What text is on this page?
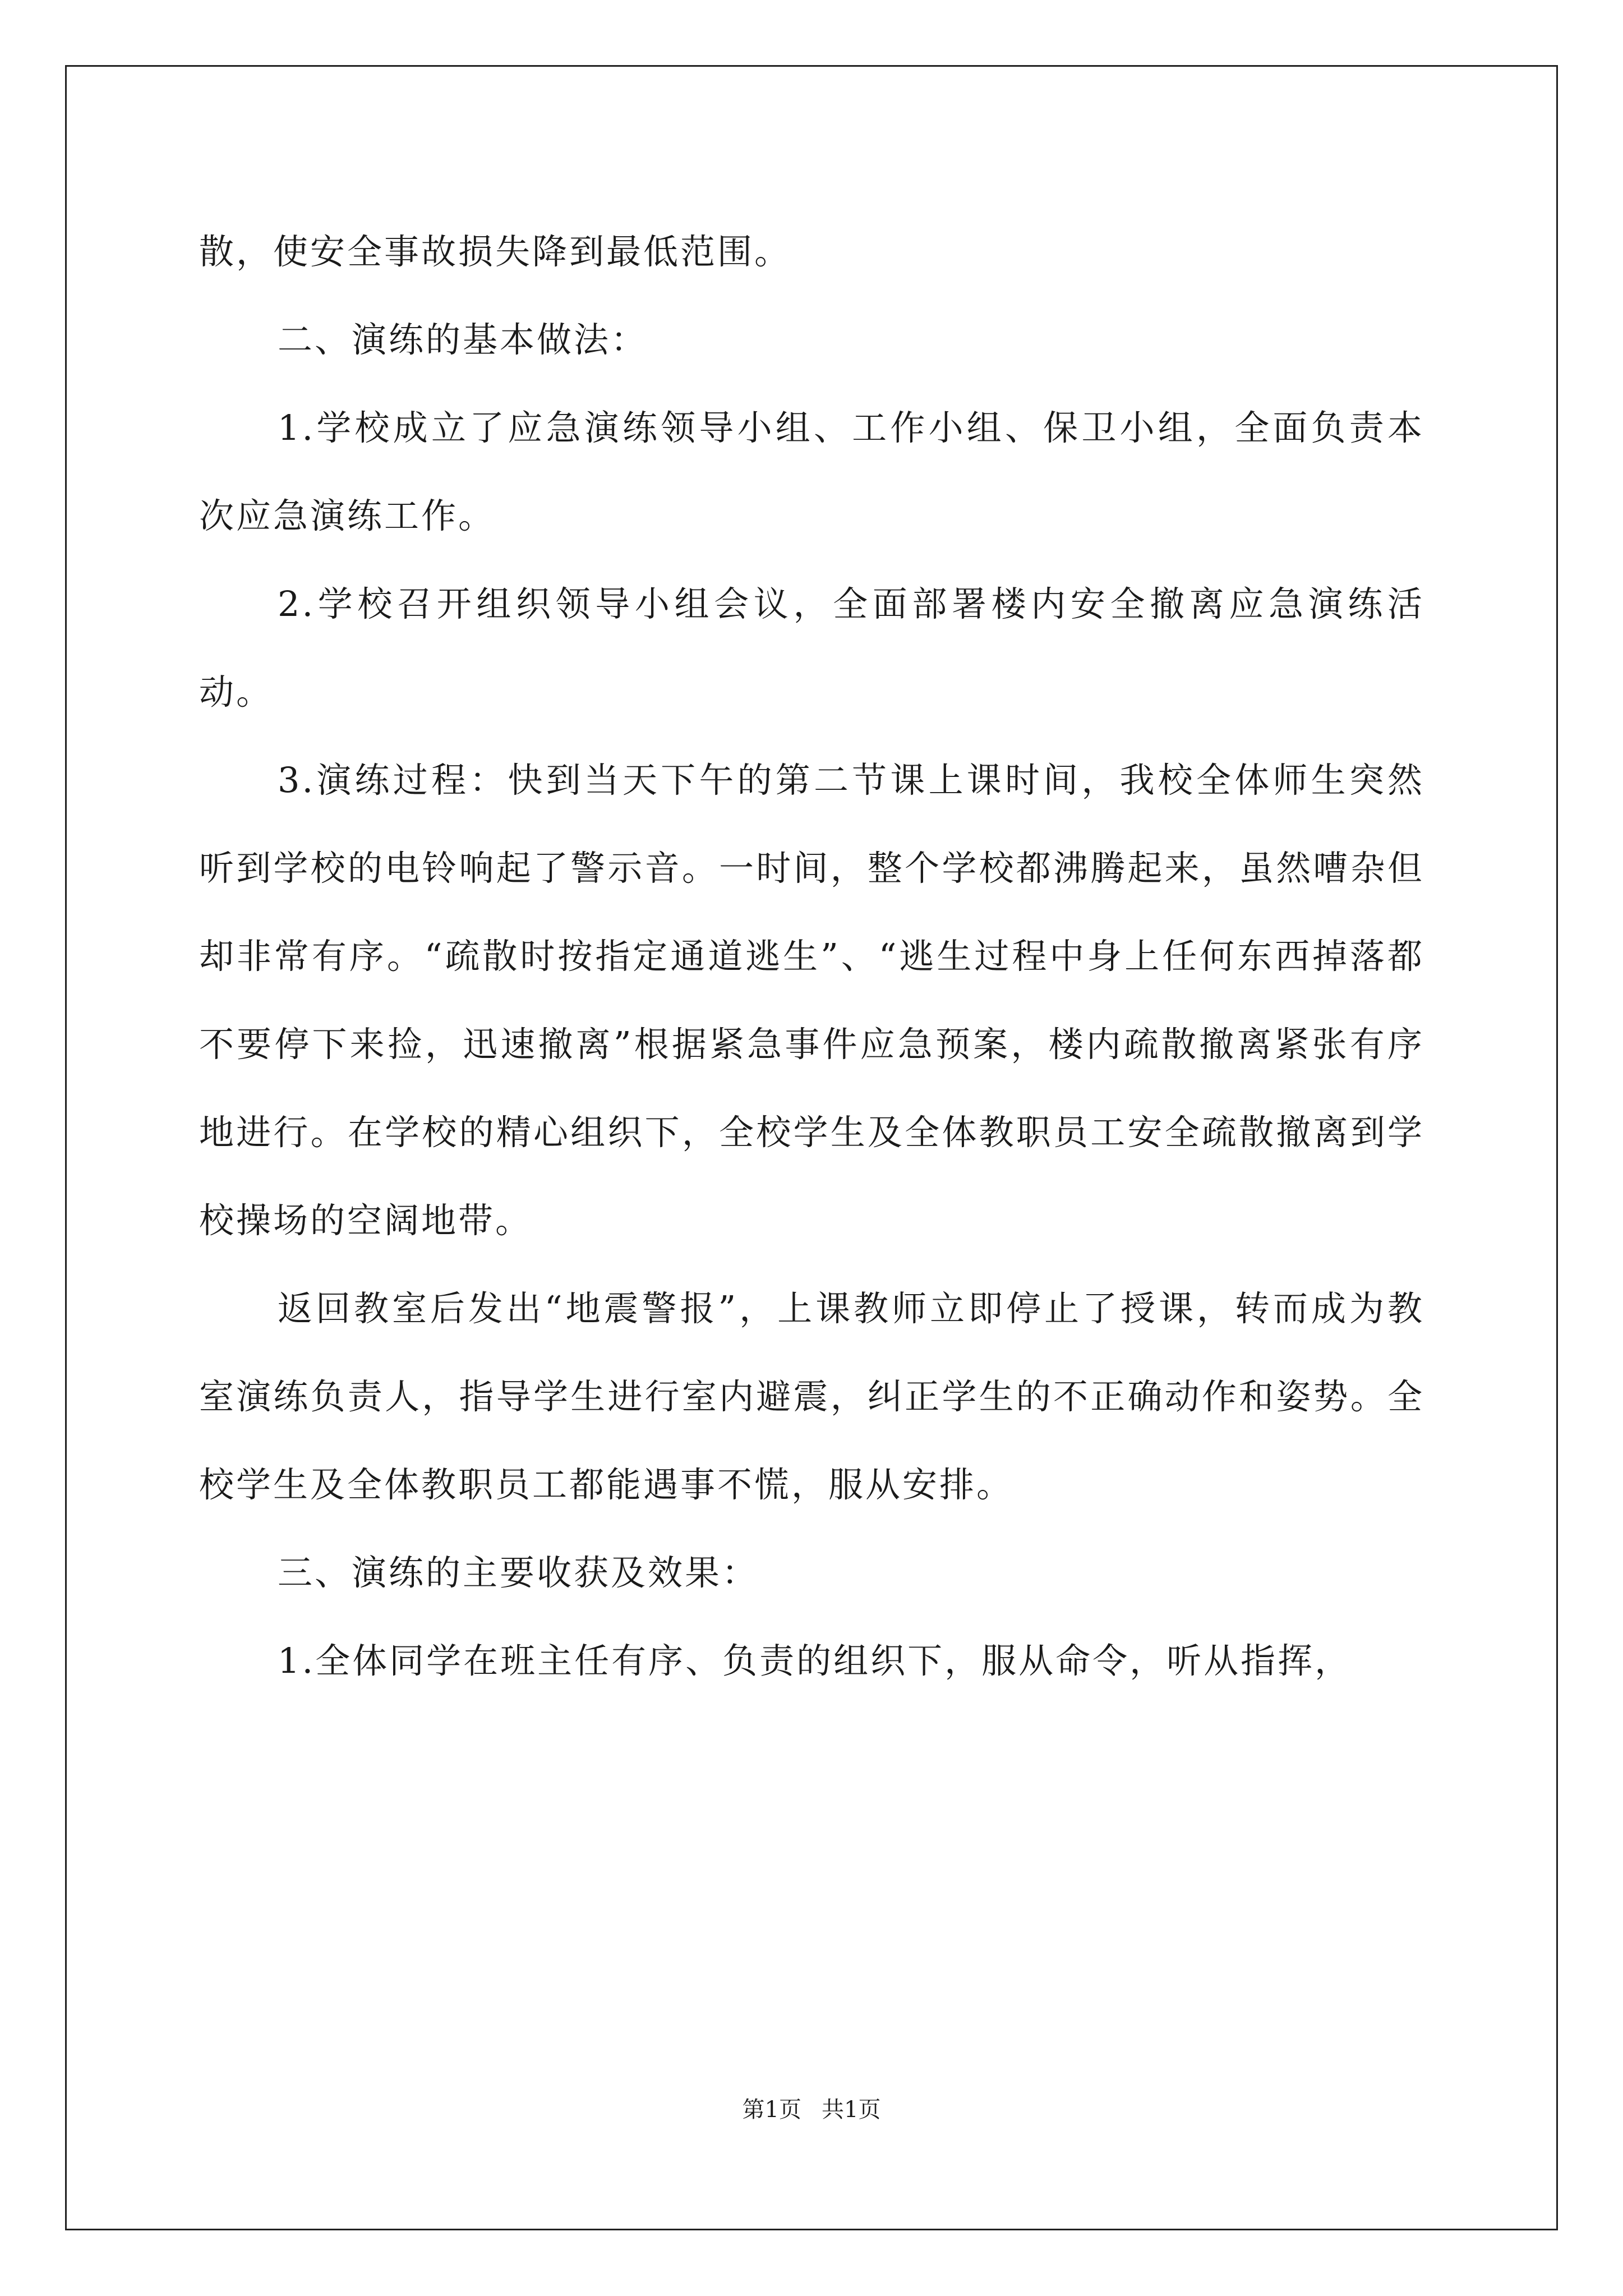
散，使安全事故损失降到最低范围。

二、演练的基本做法：

1.学校成立了应急演练领导小组、工作小组、保卫小组，全面负责本次应急演练工作。

2.学校召开组织领导小组会议，全面部署楼内安全撤离应急演练活动。

3.演练过程：快到当天下午的第二节课上课时间，我校全体师生突然听到学校的电铃响起了警示音。一时间，整个学校都沸腾起来，虽然嘈杂但却非常有序。“疏散时按指定通道逃生”、“逃生过程中身上任何东西掉落都不要停下来捡，迅速撤离”根据紧急事件应急预案，楼内疏散撤离紧张有序地进行。在学校的精心组织下，全校学生及全体教职员工安全疏散撤离到学校操场的空阔地带。

返回教室后发出“地震警报”，上课教师立即停止了授课，转而成为教室演练负责人，指导学生进行室内避震，纠正学生的不正确动作和姿势。全校学生及全体教职员工都能遇事不慌，服从安排。

三、演练的主要收获及效果：

1.全体同学在班主任有序、负责的组织下，服从命令，听从指挥，

第1页 共1页
